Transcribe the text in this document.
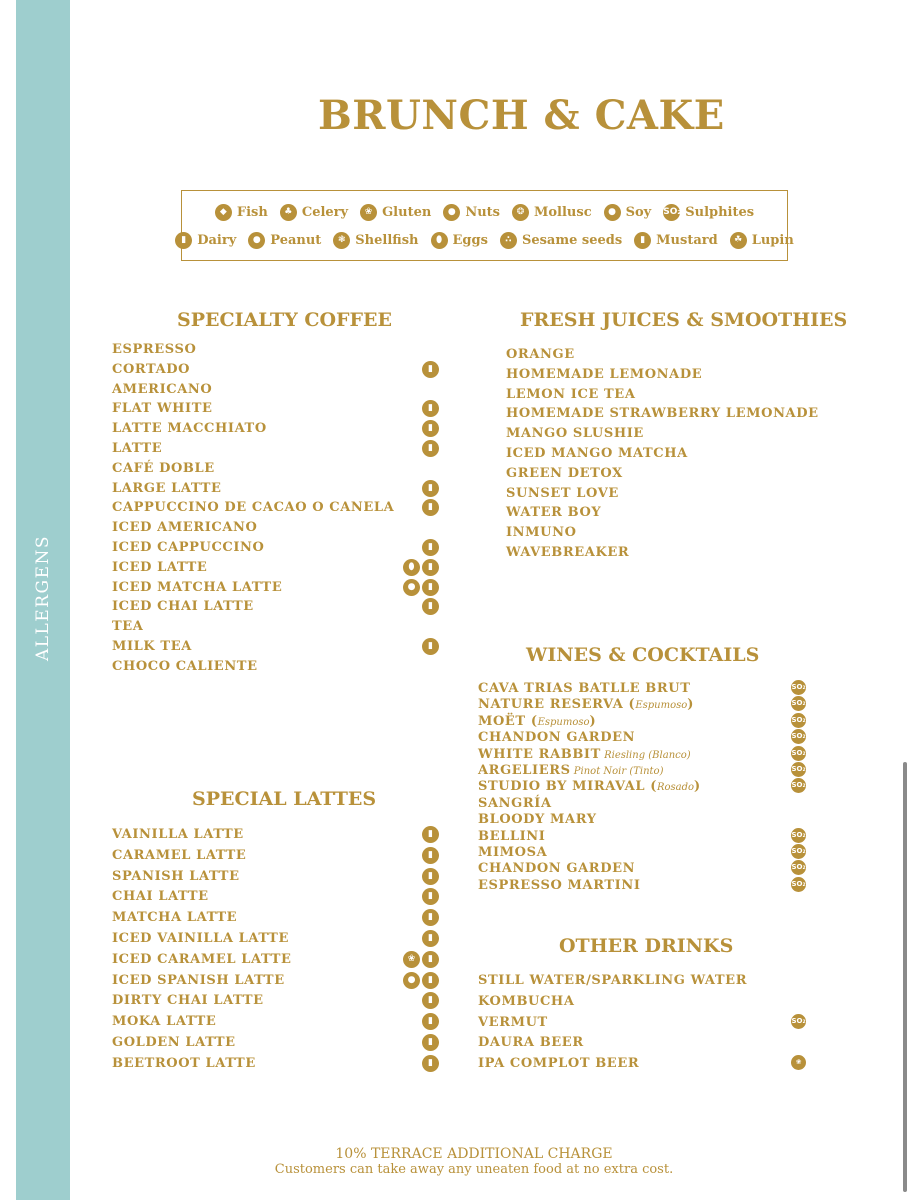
ALLERGENS
BRUNCH & CAKE
◆ Fish	♣ Celery	❀ Gluten	● Nuts	❂ Mollusc	● Soy SO₂ Sulphites
▮ Dairy	● Peanut	❃ Shellfish	⬮ Eggs	∴ Sesame seeds	▮ Mustard	☘ Lupin
SPECIALTY COFFEE
ESPRESSO
CORTADO	▮
AMERICANO
FLAT WHITE	▮
LATTE MACCHIATO	▮
LATTE	▮
CAFÉ DOBLE
LARGE LATTE	▮
CAPPUCCINO DE CACAO O CANELA	▮
ICED AMERICANO
ICED CAPPUCCINO	▮
ICED LATTE	⬮	▮
ICED MATCHA LATTE	●	▮
ICED CHAI LATTE	▮
TEA
MILK TEA	▮
CHOCO CALIENTE
SPECIAL LATTES
VAINILLA LATTE	▮
CARAMEL LATTE	▮
SPANISH LATTE	▮
CHAI LATTE	▮
MATCHA LATTE	▮
ICED VAINILLA LATTE	▮
ICED CARAMEL LATTE	❀	▮
ICED SPANISH LATTE	●	▮
DIRTY CHAI LATTE	▮
MOKA LATTE	▮
GOLDEN LATTE	▮
BEETROOT LATTE	▮
FRESH JUICES & SMOOTHIES
ORANGE
HOMEMADE LEMONADE
LEMON ICE TEA
HOMEMADE STRAWBERRY LEMONADE
MANGO SLUSHIE
ICED MANGO MATCHA
GREEN DETOX
SUNSET LOVE
WATER BOY
INMUNO
WAVEBREAKER
WINES & COCKTAILS
CAVA TRIAS BATLLE BRUT	SO₂
NATURE RESERVA (Espumoso)	SO₂
MOËT (Espumoso)	SO₂
CHANDON GARDEN	SO₂
WHITE RABBIT Riesling (Blanco)	SO₂
ARGELIERS Pinot Noir (Tinto)	SO₂
STUDIO BY MIRAVAL (Rosado)	SO₂
SANGRÍA
BLOODY MARY
BELLINI	SO₂
MIMOSA	SO₂
CHANDON GARDEN	SO₂
ESPRESSO MARTINI	SO₂
OTHER DRINKS
STILL WATER/SPARKLING WATER
KOMBUCHA
VERMUT	SO₂
DAURA BEER
IPA COMPLOT BEER	❀
10% TERRACE ADDITIONAL CHARGE
Customers can take away any uneaten food at no extra cost.
